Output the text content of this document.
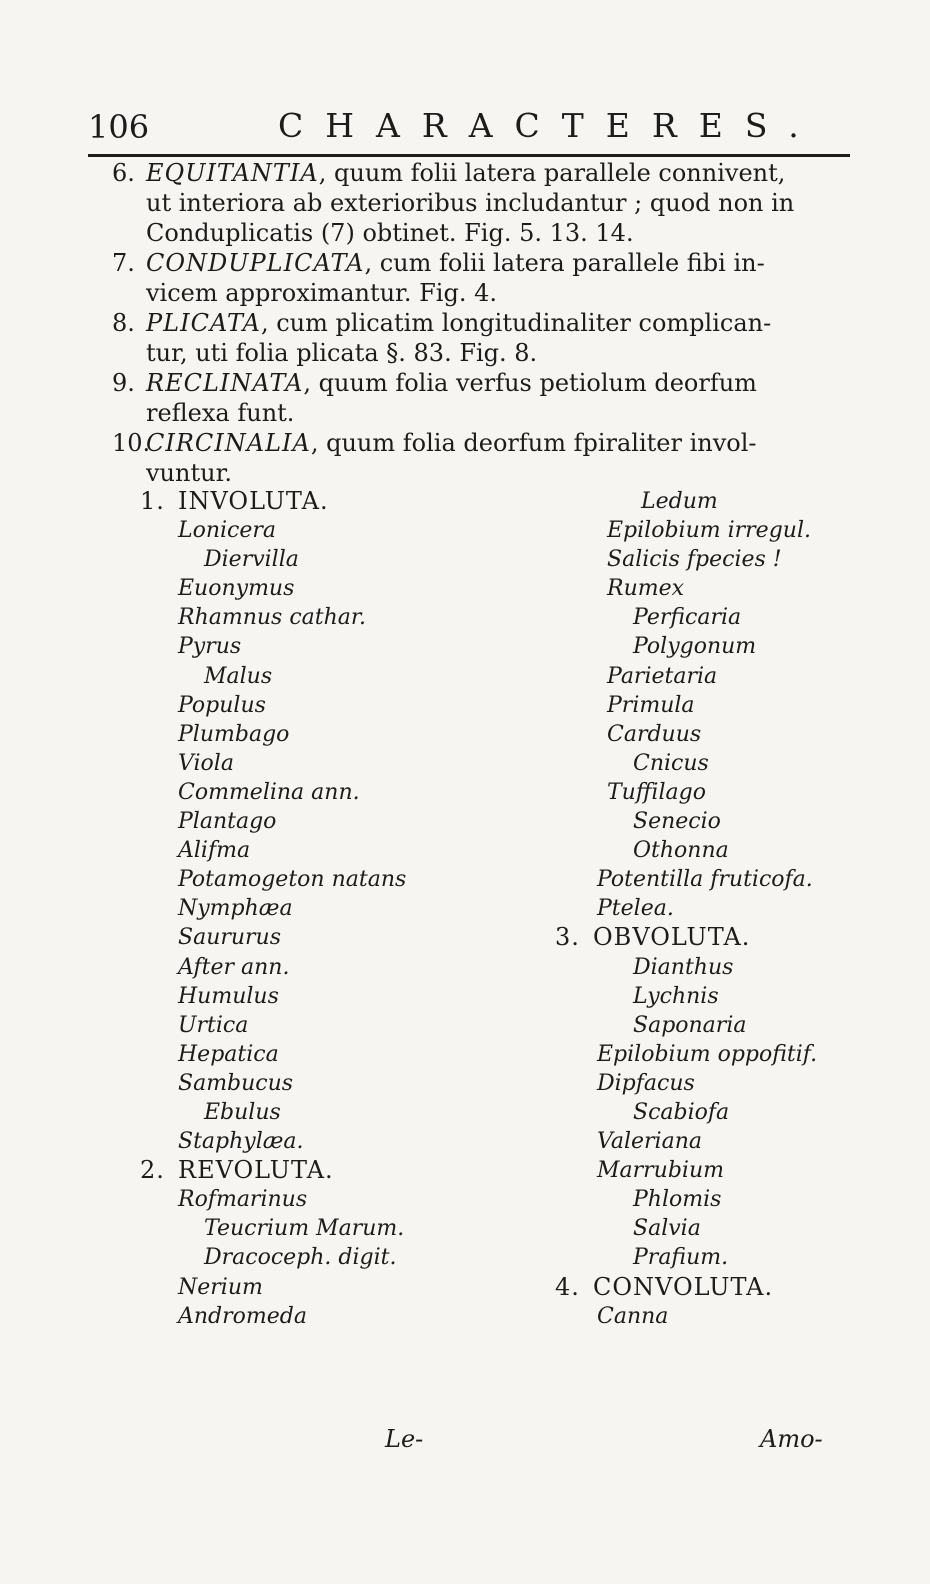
106	CHARACTERES.

6. EQUITANTIA, quum folii latera parallele connivent,
ut interiora ab exterioribus includantur ; quod non in
Conduplicatis (7) obtinet. Fig. 5. 13. 14.

7. CONDUPLICATA, cum folii latera parallele fibi in-
vicem approximantur. Fig. 4.

8. PLICATA, cum plicatim longitudinaliter complican-
tur, uti folia plicata §. 83. Fig. 8.

9. RECLINATA, quum folia verfus petiolum deorfum
reflexa funt.

10.CIRCINALIA, quum folia deorfum fpiraliter invol-
vuntur.

1. INVOLUTA.
Lonicera
Diervilla
Euonymus
Rhamnus cathar.
Pyrus
Malus
Populus
Plumbago
Viola
Commelina ann.
Plantago
Alifma
Potamogeton natans
Nymphæa
Saururus
After ann.
Humulus
Urtica
Hepatica
Sambucus
Ebulus
Staphylæa.
2. REVOLUTA.
Rofmarinus
Teucrium Marum.
Dracoceph. digit.
Nerium
Andromeda
Ledum
Epilobium irregul.
Salicis fpecies !
Rumex
Perficaria
Polygonum
Parietaria
Primula
Carduus
Cnicus
Tuffilago
Senecio
Othonna
Potentilla fruticofa.
Ptelea.
3. OBVOLUTA.
Dianthus
Lychnis
Saponaria
Epilobium oppofitif.
Dipfacus
Scabiofa
Valeriana
Marrubium
Phlomis
Salvia
Prafium.
4. CONVOLUTA.
Canna
Le-	Amo-
